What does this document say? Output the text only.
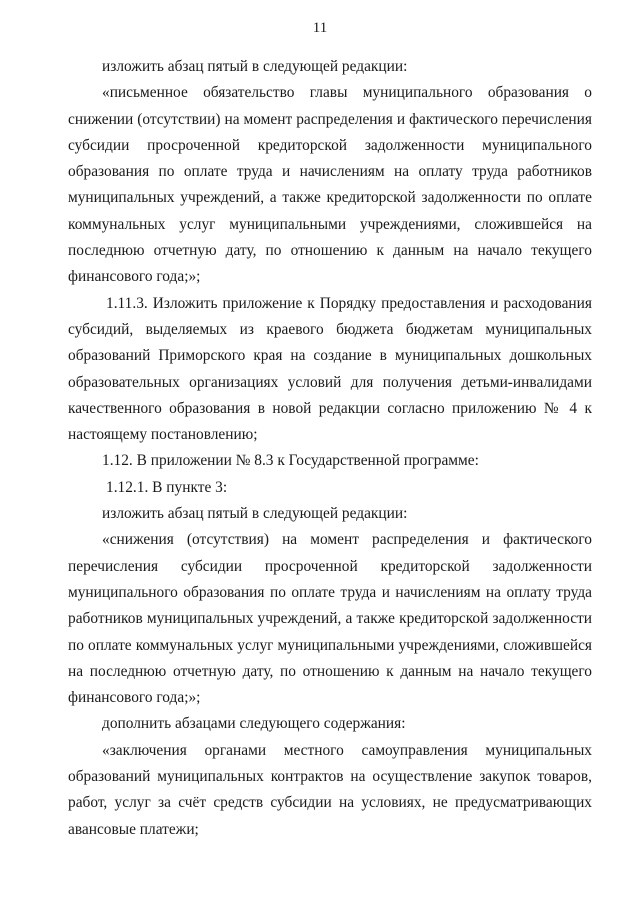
11

изложить абзац пятый в следующей редакции:

«письменное обязательство главы муниципального образования о снижении (отсутствии) на момент распределения и фактического перечисления субсидии просроченной кредиторской задолженности муниципального образования по оплате труда и начислениям на оплату труда работников муниципальных учреждений, а также кредиторской задолженности по оплате коммунальных услуг муниципальными учреждениями, сложившейся на последнюю отчетную дату, по отношению к данным на начало текущего финансового года;»;

1.11.3. Изложить приложение к Порядку предоставления и расходования субсидий, выделяемых из краевого бюджета бюджетам муниципальных образований Приморского края на создание в муниципальных дошкольных образовательных организациях условий для получения детьми-инвалидами качественного образования в новой редакции согласно приложению № 4 к настоящему постановлению;

1.12. В приложении № 8.3 к Государственной программе:

1.12.1. В пункте 3:

изложить абзац пятый в следующей редакции:

«снижения (отсутствия) на момент распределения и фактического перечисления субсидии просроченной кредиторской задолженности муниципального образования по оплате труда и начислениям на оплату труда работников муниципальных учреждений, а также кредиторской задолженности по оплате коммунальных услуг муниципальными учреждениями, сложившейся на последнюю отчетную дату, по отношению к данным на начало текущего финансового года;»;

дополнить абзацами следующего содержания:

«заключения органами местного самоуправления муниципальных образований муниципальных контрактов на осуществление закупок товаров, работ, услуг за счёт средств субсидии на условиях, не предусматривающих авансовые платежи;
